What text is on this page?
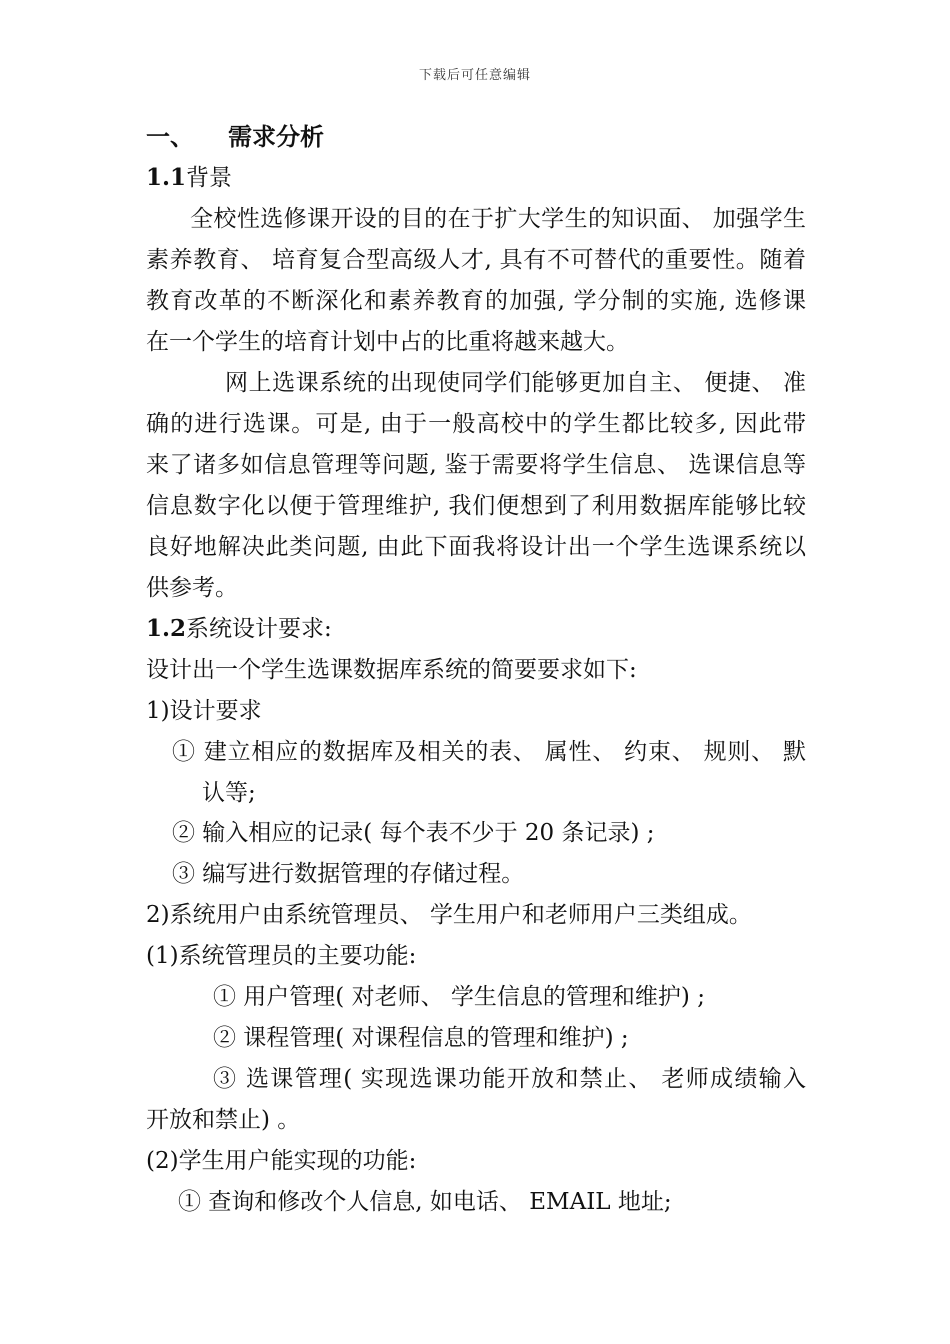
下载后可任意编辑
一、 需求分析
1.1背景
全校性选修课开设的目的在于扩大学生的知识面、 加强学生
素养教育、 培育复合型高级人才, 具有不可替代的重要性。随着
教育改革的不断深化和素养教育的加强, 学分制的实施, 选修课
在一个学生的培育计划中占的比重将越来越大。
网上选课系统的出现使同学们能够更加自主、 便捷、 准
确的进行选课。可是, 由于一般高校中的学生都比较多, 因此带
来了诸多如信息管理等问题, 鉴于需要将学生信息、 选课信息等
信息数字化以便于管理维护, 我们便想到了利用数据库能够比较
良好地解决此类问题, 由此下面我将设计出一个学生选课系统以
供参考。
1.2系统设计要求:
设计出一个学生选课数据库系统的简要要求如下:
1)设计要求
① 建立相应的数据库及相关的表、 属性、 约束、 规则、 默
认等;
② 输入相应的记录( 每个表不少于 20 条记录) ;
③ 编写进行数据管理的存储过程。
2)系统用户由系统管理员、 学生用户和老师用户三类组成。
(1)系统管理员的主要功能:
① 用户管理( 对老师、 学生信息的管理和维护) ;
② 课程管理( 对课程信息的管理和维护) ;
③ 选课管理( 实现选课功能开放和禁止、 老师成绩输入
开放和禁止) 。
(2)学生用户能实现的功能:
① 查询和修改个人信息, 如电话、 EMAIL 地址;
